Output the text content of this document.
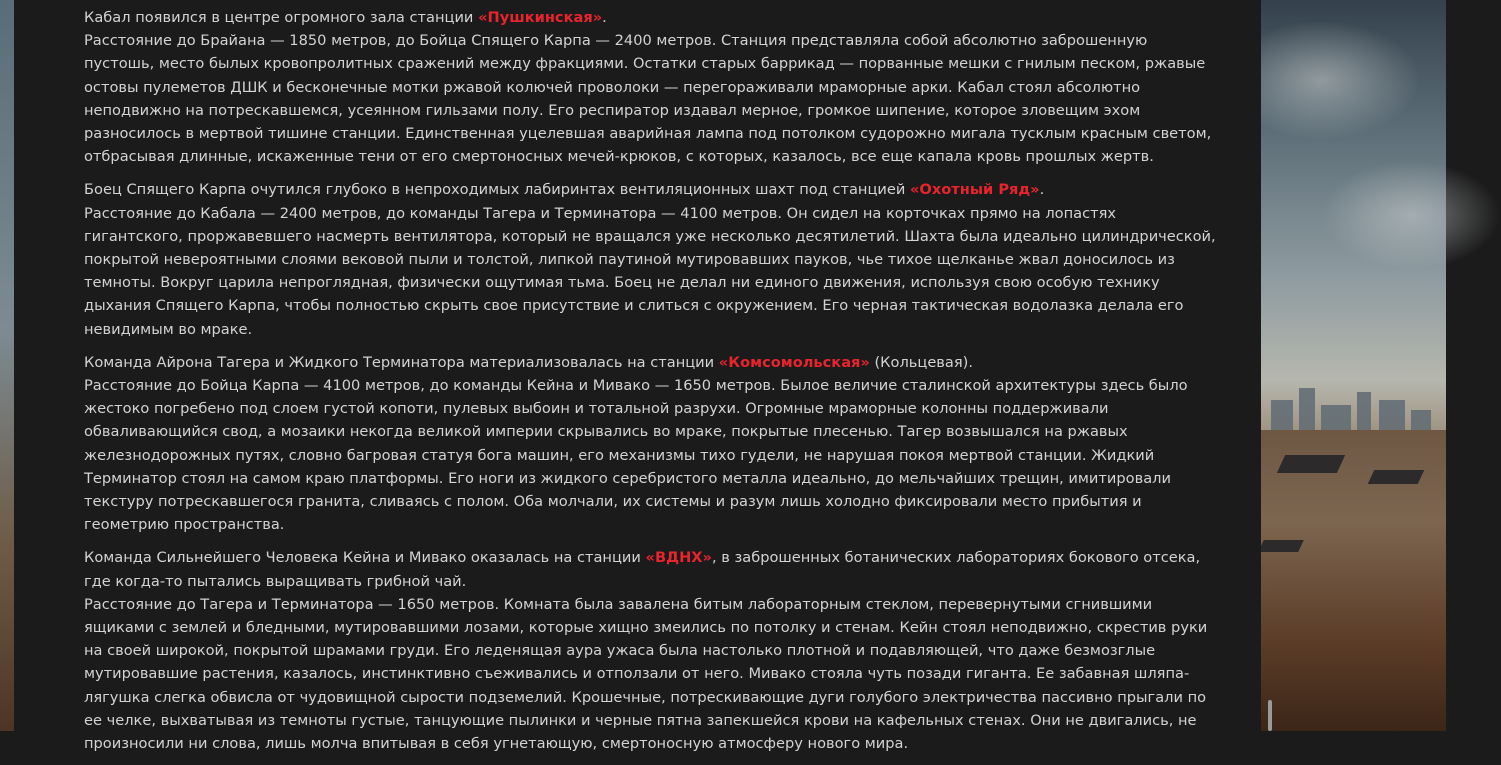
Кабал появился в центре огромного зала станции «Пушкинская».
Расстояние до Брайана — 1850 метров, до Бойца Спящего Карпа — 2400 метров. Станция представляла собой абсолютно заброшенную пустошь, место былых кровопролитных сражений между фракциями. Остатки старых баррикад — порванные мешки с гнилым песком, ржавые остовы пулеметов ДШК и бесконечные мотки ржавой колючей проволоки — перегораживали мраморные арки. Кабал стоял абсолютно неподвижно на потрескавшемся, усеянном гильзами полу. Его респиратор издавал мерное, громкое шипение, которое зловещим эхом разносилось в мертвой тишине станции. Единственная уцелевшая аварийная лампа под потолком судорожно мигала тусклым красным светом, отбрасывая длинные, искаженные тени от его смертоносных мечей-крюков, с которых, казалось, все еще капала кровь прошлых жертв.

Боец Спящего Карпа очутился глубоко в непроходимых лабиринтах вентиляционных шахт под станцией «Охотный Ряд».
Расстояние до Кабала — 2400 метров, до команды Тагера и Терминатора — 4100 метров. Он сидел на корточках прямо на лопастях гигантского, проржавевшего насмерть вентилятора, который не вращался уже несколько десятилетий. Шахта была идеально цилиндрической, покрытой невероятными слоями вековой пыли и толстой, липкой паутиной мутировавших пауков, чье тихое щелканье жвал доносилось из темноты. Вокруг царила непроглядная, физически ощутимая тьма. Боец не делал ни единого движения, используя свою особую технику дыхания Спящего Карпа, чтобы полностью скрыть свое присутствие и слиться с окружением. Его черная тактическая водолазка делала его невидимым во мраке.

Команда Айрона Тагера и Жидкого Терминатора материализовалась на станции «Комсомольская» (Кольцевая).
Расстояние до Бойца Карпа — 4100 метров, до команды Кейна и Мивако — 1650 метров. Былое величие сталинской архитектуры здесь было жестоко погребено под слоем густой копоти, пулевых выбоин и тотальной разрухи. Огромные мраморные колонны поддерживали обваливающийся свод, а мозаики некогда великой империи скрывались во мраке, покрытые плесенью. Тагер возвышался на ржавых железнодорожных путях, словно багровая статуя бога машин, его механизмы тихо гудели, не нарушая покоя мертвой станции. Жидкий Терминатор стоял на самом краю платформы. Его ноги из жидкого серебристого металла идеально, до мельчайших трещин, имитировали текстуру потрескавшегося гранита, сливаясь с полом. Оба молчали, их системы и разум лишь холодно фиксировали место прибытия и геометрию пространства.

Команда Сильнейшего Человека Кейна и Мивако оказалась на станции «ВДНХ», в заброшенных ботанических лабораториях бокового отсека, где когда-то пытались выращивать грибной чай.
Расстояние до Тагера и Терминатора — 1650 метров. Комната была завалена битым лабораторным стеклом, перевернутыми сгнившими ящиками с землей и бледными, мутировавшими лозами, которые хищно змеились по потолку и стенам. Кейн стоял неподвижно, скрестив руки на своей широкой, покрытой шрамами груди. Его леденящая аура ужаса была настолько плотной и подавляющей, что даже безмозглые мутировавшие растения, казалось, инстинктивно съеживались и отползали от него. Мивако стояла чуть позади гиганта. Ее забавная шляпа-лягушка слегка обвисла от чудовищной сырости подземелий. Крошечные, потрескивающие дуги голубого электричества пассивно прыгали по ее челке, выхватывая из темноты густые, танцующие пылинки и черные пятна запекшейся крови на кафельных стенах. Они не двигались, не произносили ни слова, лишь молча впитывая в себя угнетающую, смертоносную атмосферу нового мира.
